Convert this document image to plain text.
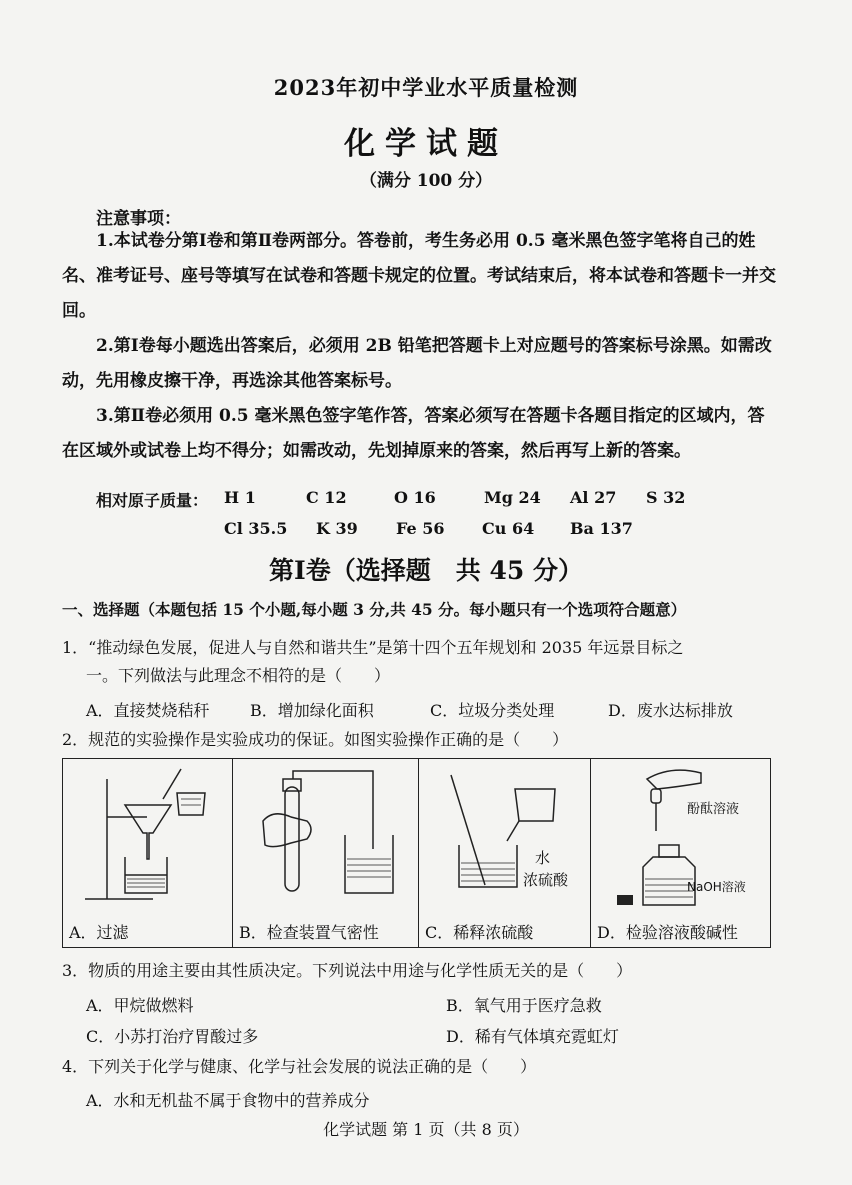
2023年初中学业水平质量检测
化学试题
（满分 100 分）
注意事项：
1.本试卷分第Ⅰ卷和第Ⅱ卷两部分。答卷前，考生务必用 0.5 毫米黑色签字笔将自己的姓名、准考证号、座号等填写在试卷和答题卡规定的位置。考试结束后，将本试卷和答题卡一并交回。
2.第Ⅰ卷每小题选出答案后，必须用 2B 铅笔把答题卡上对应题号的答案标号涂黑。如需改动，先用橡皮擦干净，再选涂其他答案标号。
3.第Ⅱ卷必须用 0.5 毫米黑色签字笔作答，答案必须写在答题卡各题目指定的区域内，答在区域外或试卷上均不得分；如需改动，先划掉原来的答案，然后再写上新的答案。
相对原子质量： H 1	C 12	O 16	Mg 24 Al 27 S 32
Cl 35.5 K 39 Fe 56 Cu 64 Ba 137
第Ⅰ卷（选择题　共 45 分）
一、选择题（本题包括 15 个小题,每小题 3 分,共 45 分。每小题只有一个选项符合题意）
1．“推动绿色发展，促进人与自然和谐共生”是第十四个五年规划和 2035 年远景目标之
一。下列做法与此理念不相符的是（　　）
A．直接焚烧秸秆	B．增加绿化面积	C．垃圾分类处理	D．废水达标排放
2．规范的实验操作是实验成功的保证。如图实验操作正确的是（　　）
A．过滤	B．检查装置气密性
水
浓硫酸
C．稀释浓硫酸
酚酞溶液
NaOH溶液
D．检验溶液酸碱性
3．物质的用途主要由其性质决定。下列说法中用途与化学性质无关的是（　　）
A．甲烷做燃料	B．氧气用于医疗急救
C．小苏打治疗胃酸过多	D．稀有气体填充霓虹灯
4．下列关于化学与健康、化学与社会发展的说法正确的是（　　）
A．水和无机盐不属于食物中的营养成分
化学试题 第 1 页（共 8 页）
